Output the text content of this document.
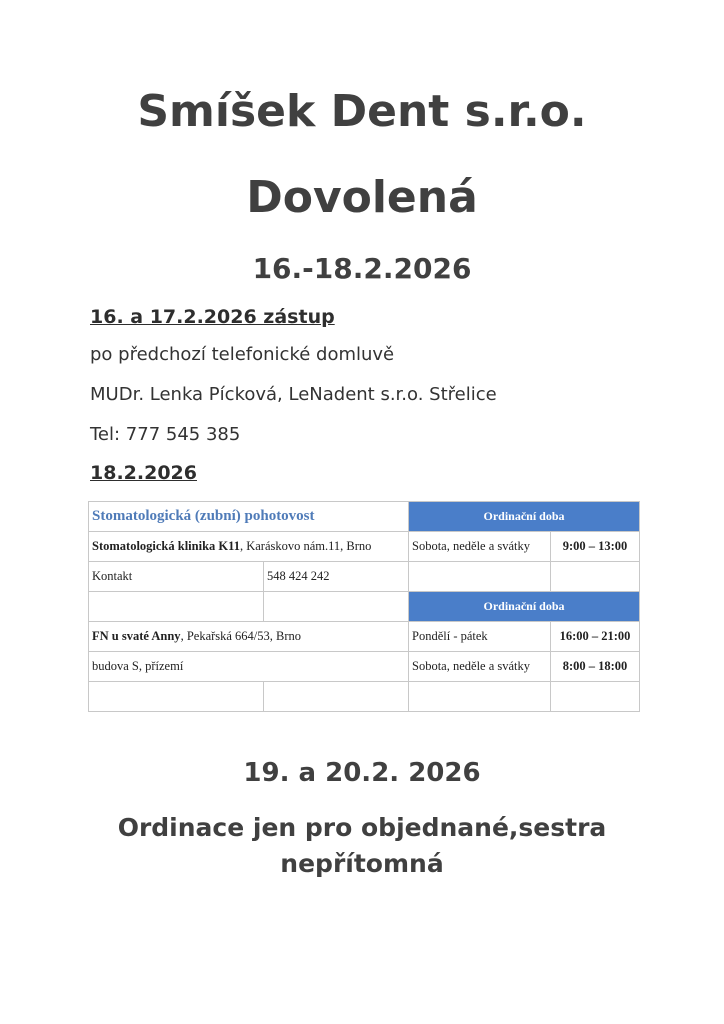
Smíšek Dent s.r.o.
Dovolená
16.-18.2.2026
16. a 17.2.2026 zástup
po předchozí telefonické domluvě
MUDr. Lenka Pícková, LeNadent s.r.o. Střelice
Tel: 777 545 385
18.2.2026
Stomatologická (zubní) pohotovost		Ordinační doba	
Stomatologická klinika K11, Karáskovo nám.11, Brno		Sobota, neděle a svátky	9:00 – 13:00
Kontakt	548 424 242		
		Ordinační doba	
FN u svaté Anny, Pekařská 664/53, Brno		Pondělí - pátek	16:00 – 21:00
budova S, přízemí		Sobota, neděle a svátky	8:00 – 18:00

19. a 20.2. 2026
Ordinace jen pro objednané,sestra
nepřítomná
